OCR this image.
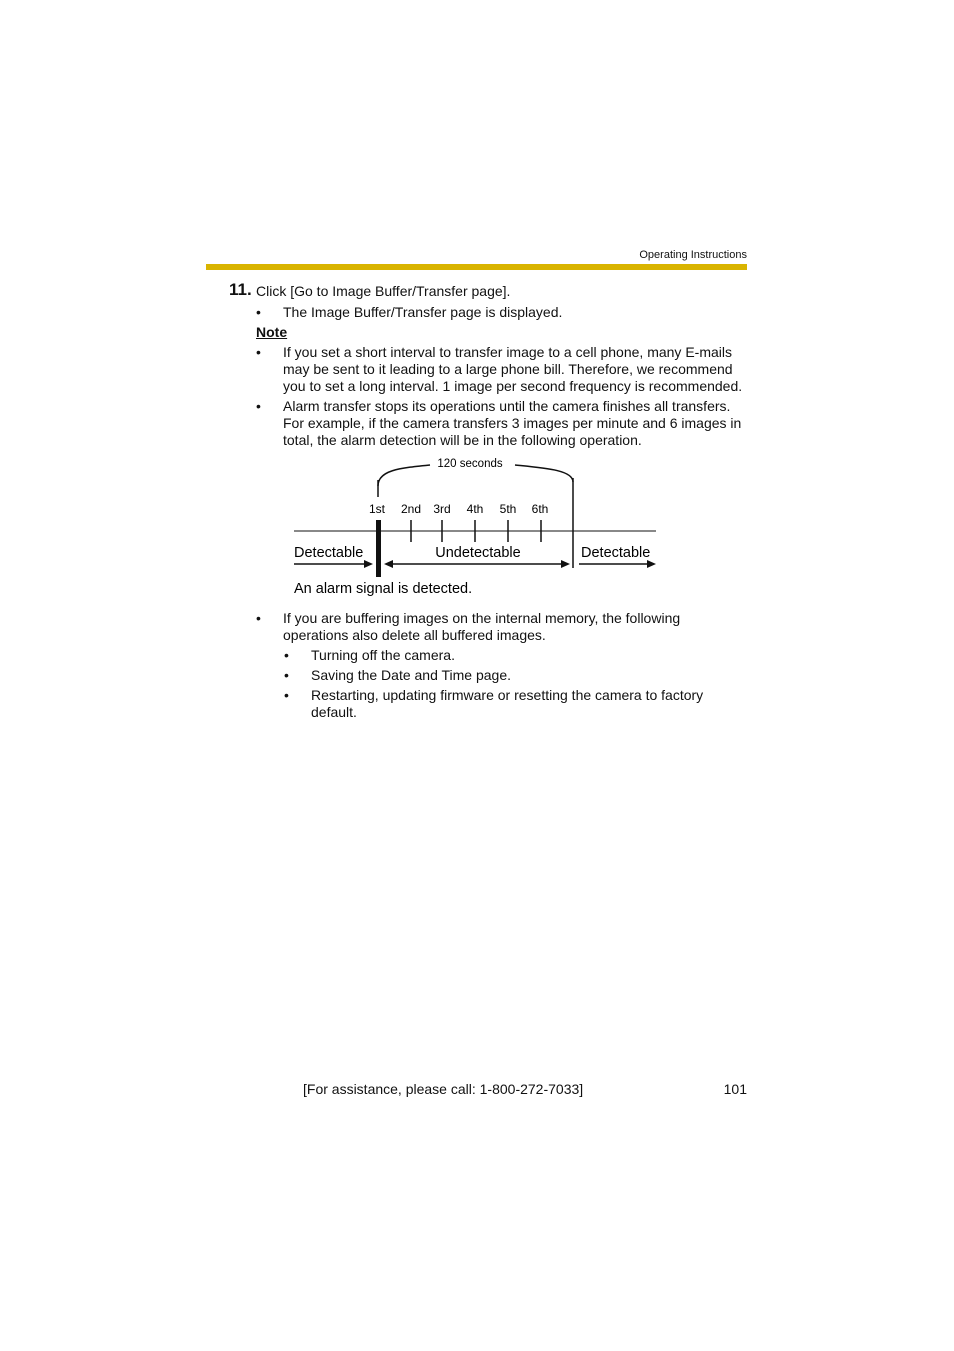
Operating Instructions
11. Click [Go to Image Buffer/Transfer page].
• The Image Buffer/Transfer page is displayed.
Note
• If you set a short interval to transfer image to a cell phone, many E-mails
may be sent to it leading to a large phone bill. Therefore, we recommend
you to set a long interval. 1 image per second frequency is recommended.
• Alarm transfer stops its operations until the camera finishes all transfers.
For example, if the camera transfers 3 images per minute and 6 images in
total, the alarm detection will be in the following operation.
120 seconds
1st 2nd 3rd 4th 5th 6th
Detectable	Undetectable	Detectable
An alarm signal is detected.
• If you are buffering images on the internal memory, the following
operations also delete all buffered images.
• Turning off the camera.
• Saving the Date and Time page.
• Restarting, updating firmware or resetting the camera to factory
default.
[For assistance, please call: 1-800-272-7033]	101
